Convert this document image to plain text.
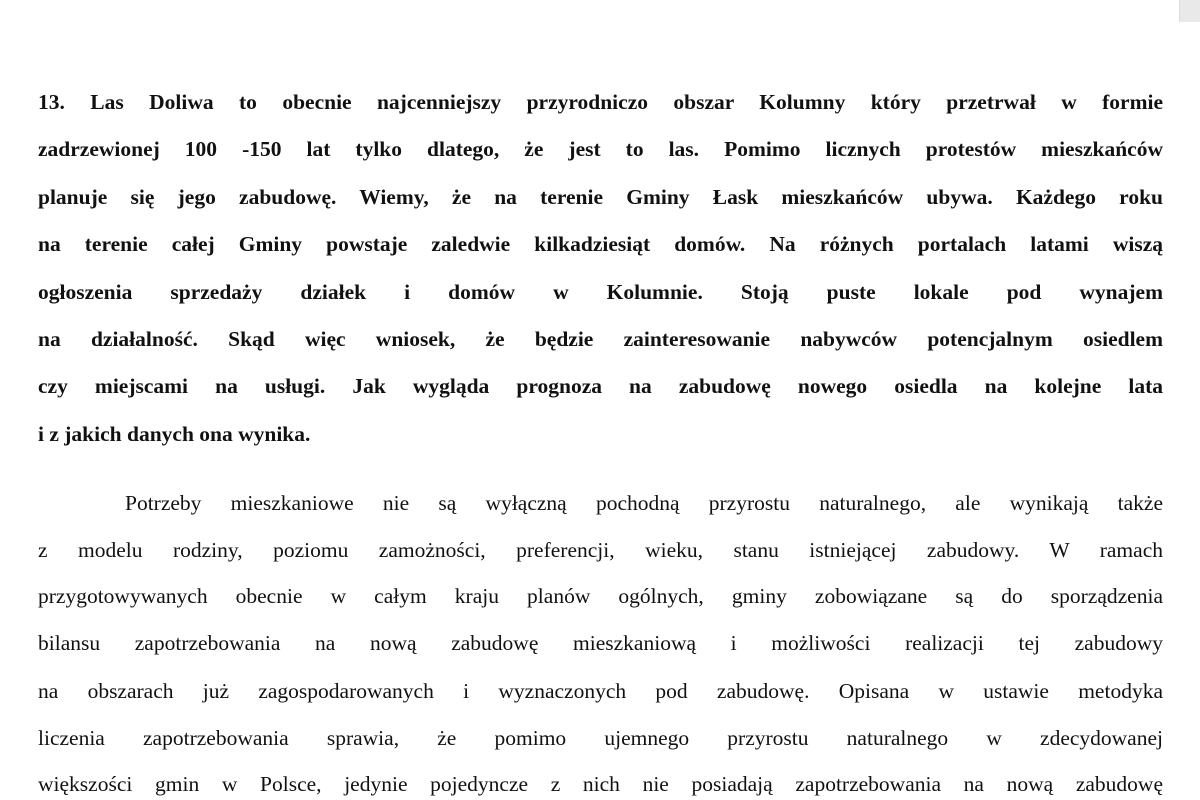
13. Las Doliwa to obecnie najcenniejszy przyrodniczo obszar Kolumny który przetrwał w formie
zadrzewionej 100 -150 lat tylko dlatego, że jest to las. Pomimo licznych protestów mieszkańców
planuje się jego zabudowę. Wiemy, że na terenie Gminy Łask mieszkańców ubywa. Każdego roku
na terenie całej Gminy powstaje zaledwie kilkadziesiąt domów. Na różnych portalach latami wiszą
ogłoszenia sprzedaży działek i domów w Kolumnie. Stoją puste lokale pod wynajem
na działalność. Skąd więc wniosek, że będzie zainteresowanie nabywców potencjalnym osiedlem
czy miejscami na usługi. Jak wygląda prognoza na zabudowę nowego osiedla na kolejne lata
i z jakich danych ona wynika.
Potrzeby mieszkaniowe nie są wyłączną pochodną przyrostu naturalnego, ale wynikają także
z modelu rodziny, poziomu zamożności, preferencji, wieku, stanu istniejącej zabudowy. W ramach
przygotowywanych obecnie w całym kraju planów ogólnych, gminy zobowiązane są do sporządzenia
bilansu zapotrzebowania na nową zabudowę mieszkaniową i możliwości realizacji tej zabudowy
na obszarach już zagospodarowanych i wyznaczonych pod zabudowę. Opisana w ustawie metodyka
liczenia zapotrzebowania sprawia, że pomimo ujemnego przyrostu naturalnego w zdecydowanej
większości gmin w Polsce, jedynie pojedyncze z nich nie posiadają zapotrzebowania na nową zabudowę
